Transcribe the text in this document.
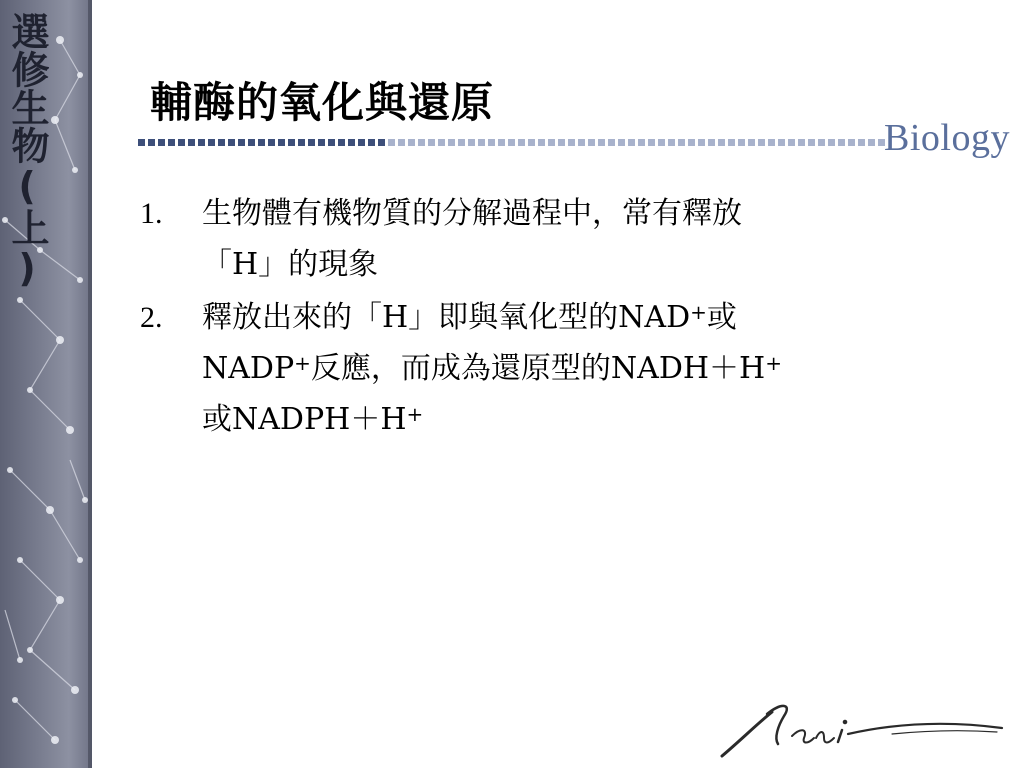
選修生物(上) 輔酶的氧化與還原
Biology
1. 生物體有機物質的分解過程中，常有釋放
「H」的現象
2. 釋放出來的「H」即與氧化型的NAD+或
NADP+反應，而成為還原型的NADH＋H+
或NADPH＋H+
